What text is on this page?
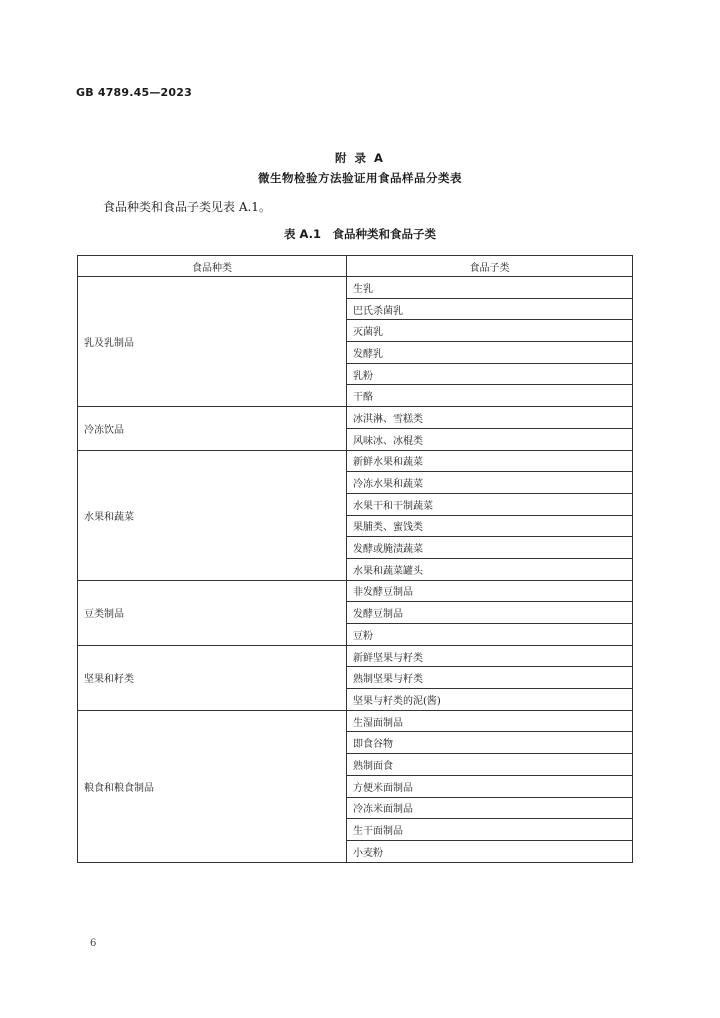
GB 4789.45—2023
附 录 A
微生物检验方法验证用食品样品分类表
食品种类和食品子类见表 A.1。
表 A.1　食品种类和食品子类
食品种类	食品子类
乳及乳制品	生乳
	巴氏杀菌乳
	灭菌乳
	发酵乳
	乳粉
	干酪
冷冻饮品	冰淇淋、雪糕类
	风味冰、冰棍类
水果和蔬菜	新鲜水果和蔬菜
	冷冻水果和蔬菜
	水果干和干制蔬菜
	果脯类、蜜饯类
	发酵或腌渍蔬菜
	水果和蔬菜罐头
豆类制品	非发酵豆制品
	发酵豆制品
	豆粉
坚果和籽类	新鲜坚果与籽类
	熟制坚果与籽类
	坚果与籽类的泥(酱)
粮食和粮食制品	生湿面制品
	即食谷物
	熟制面食
	方便米面制品
	冷冻米面制品
	生干面制品
	小麦粉
6
